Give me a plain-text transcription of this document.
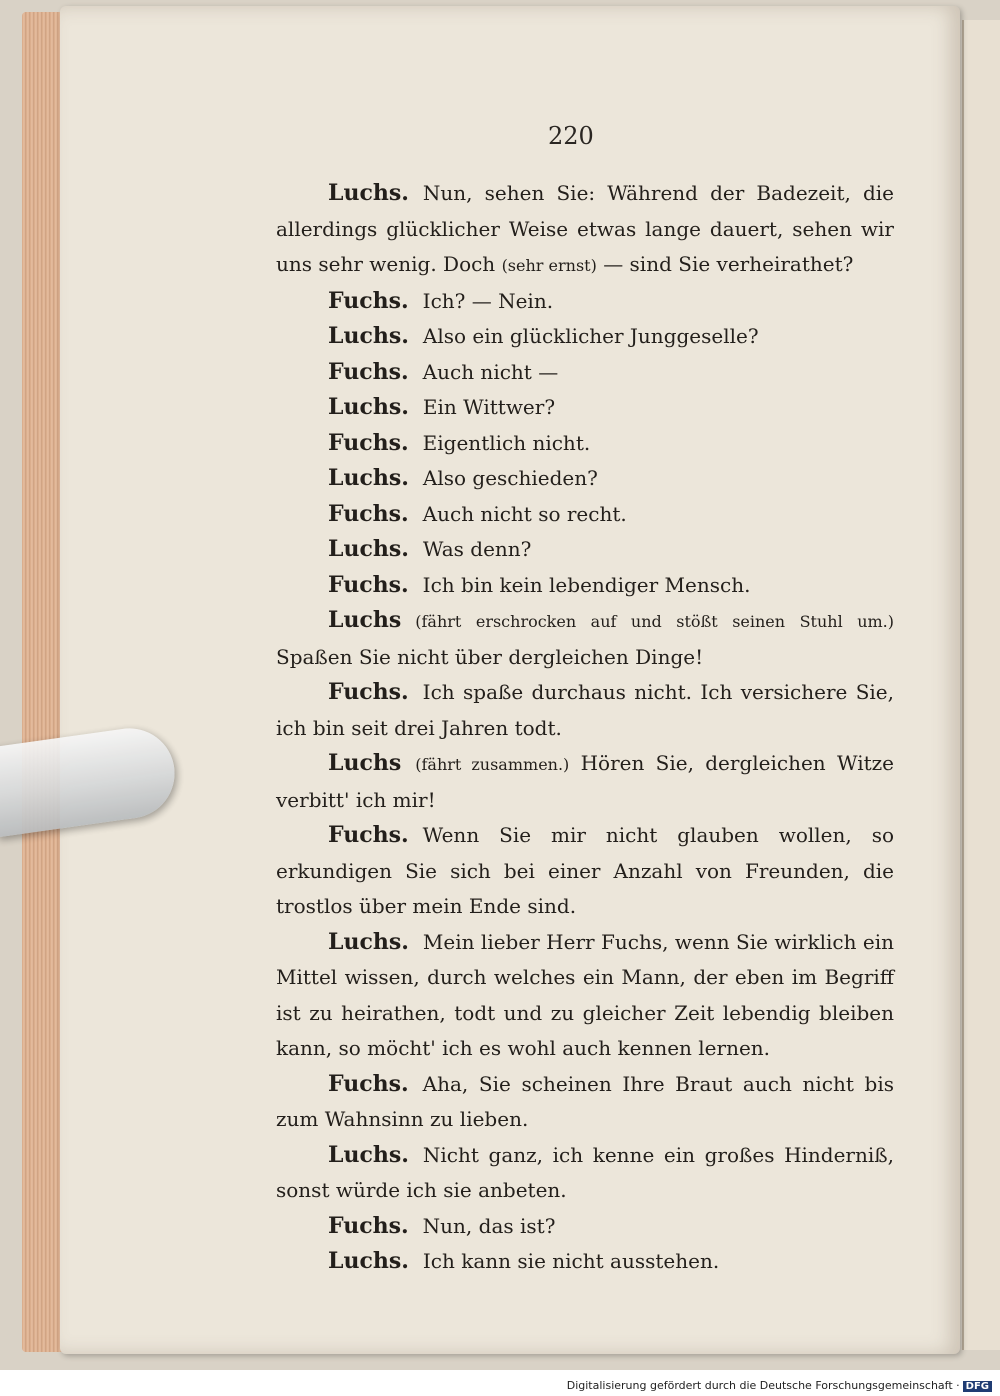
220

Luchs. Nun, sehen Sie: Während der Badezeit, die allerdings glücklicher Weise etwas lange dauert, sehen wir uns sehr wenig. Doch (sehr ernst) — sind Sie verheirathet?

Fuchs. Ich? — Nein.

Luchs. Also ein glücklicher Junggeselle?

Fuchs. Auch nicht —

Luchs. Ein Wittwer?

Fuchs. Eigentlich nicht.

Luchs. Also geschieden?

Fuchs. Auch nicht so recht.

Luchs. Was denn?

Fuchs. Ich bin kein lebendiger Mensch.

Luchs (fährt erschrocken auf und stößt seinen Stuhl um.) Spaßen Sie nicht über dergleichen Dinge!

Fuchs. Ich spaße durchaus nicht. Ich versichere Sie, ich bin seit drei Jahren todt.

Luchs (fährt zusammen.) Hören Sie, dergleichen Witze verbitt' ich mir!

Fuchs. Wenn Sie mir nicht glauben wollen, so erkundigen Sie sich bei einer Anzahl von Freunden, die trostlos über mein Ende sind.

Luchs. Mein lieber Herr Fuchs, wenn Sie wirklich ein Mittel wissen, durch welches ein Mann, der eben im Begriff ist zu heirathen, todt und zu gleicher Zeit lebendig bleiben kann, so möcht' ich es wohl auch kennen lernen.

Fuchs. Aha, Sie scheinen Ihre Braut auch nicht bis zum Wahnsinn zu lieben.

Luchs. Nicht ganz, ich kenne ein großes Hinderniß, sonst würde ich sie anbeten.

Fuchs. Nun, das ist?

Luchs. Ich kann sie nicht ausstehen.

Digitalisierung gefördert durch die Deutsche Forschungsgemeinschaft · DFG
